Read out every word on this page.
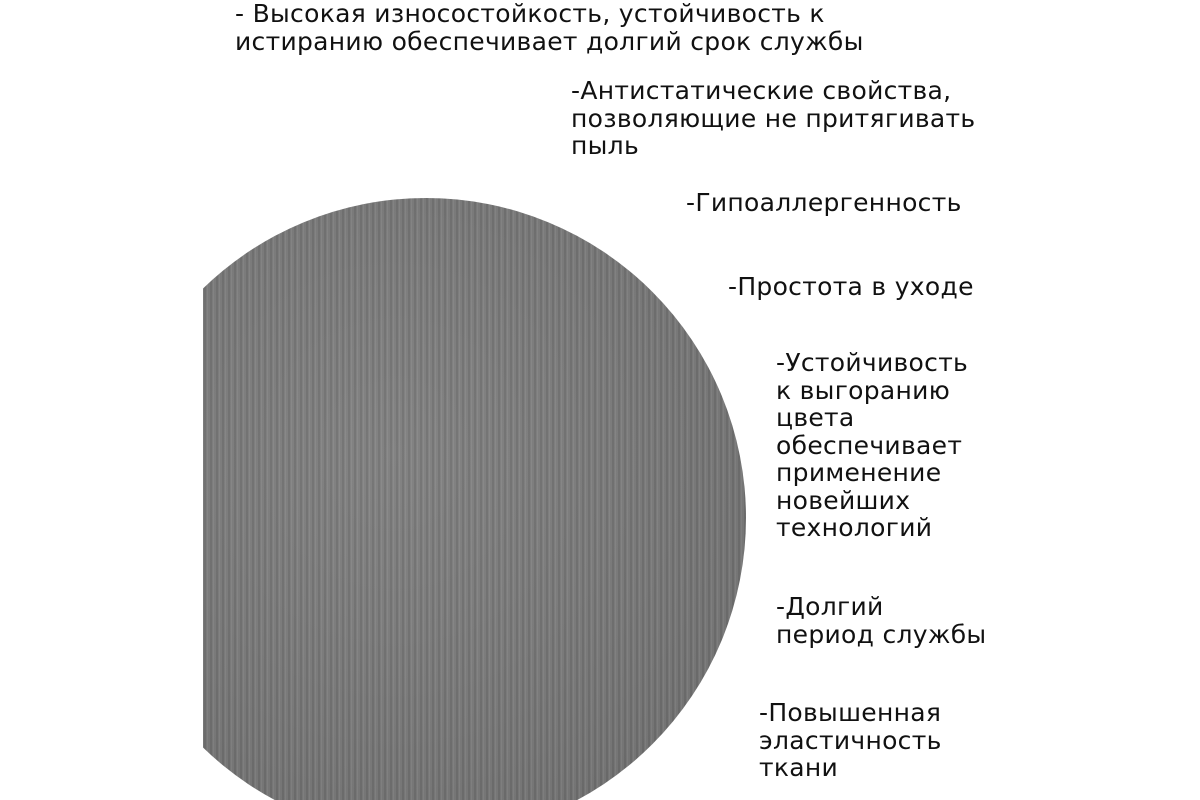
- Высокая износостойкость, устойчивость к
истиранию обеспечивает долгий срок службы
-Антистатические свойства,
позволяющие не притягивать
пыль
-Гипоаллергенность
-Простота в уходе
-Устойчивость
к выгоранию
цвета
обеспечивает
применение
новейших
технологий
-Долгий
период службы
-Повышенная
эластичность
ткани
